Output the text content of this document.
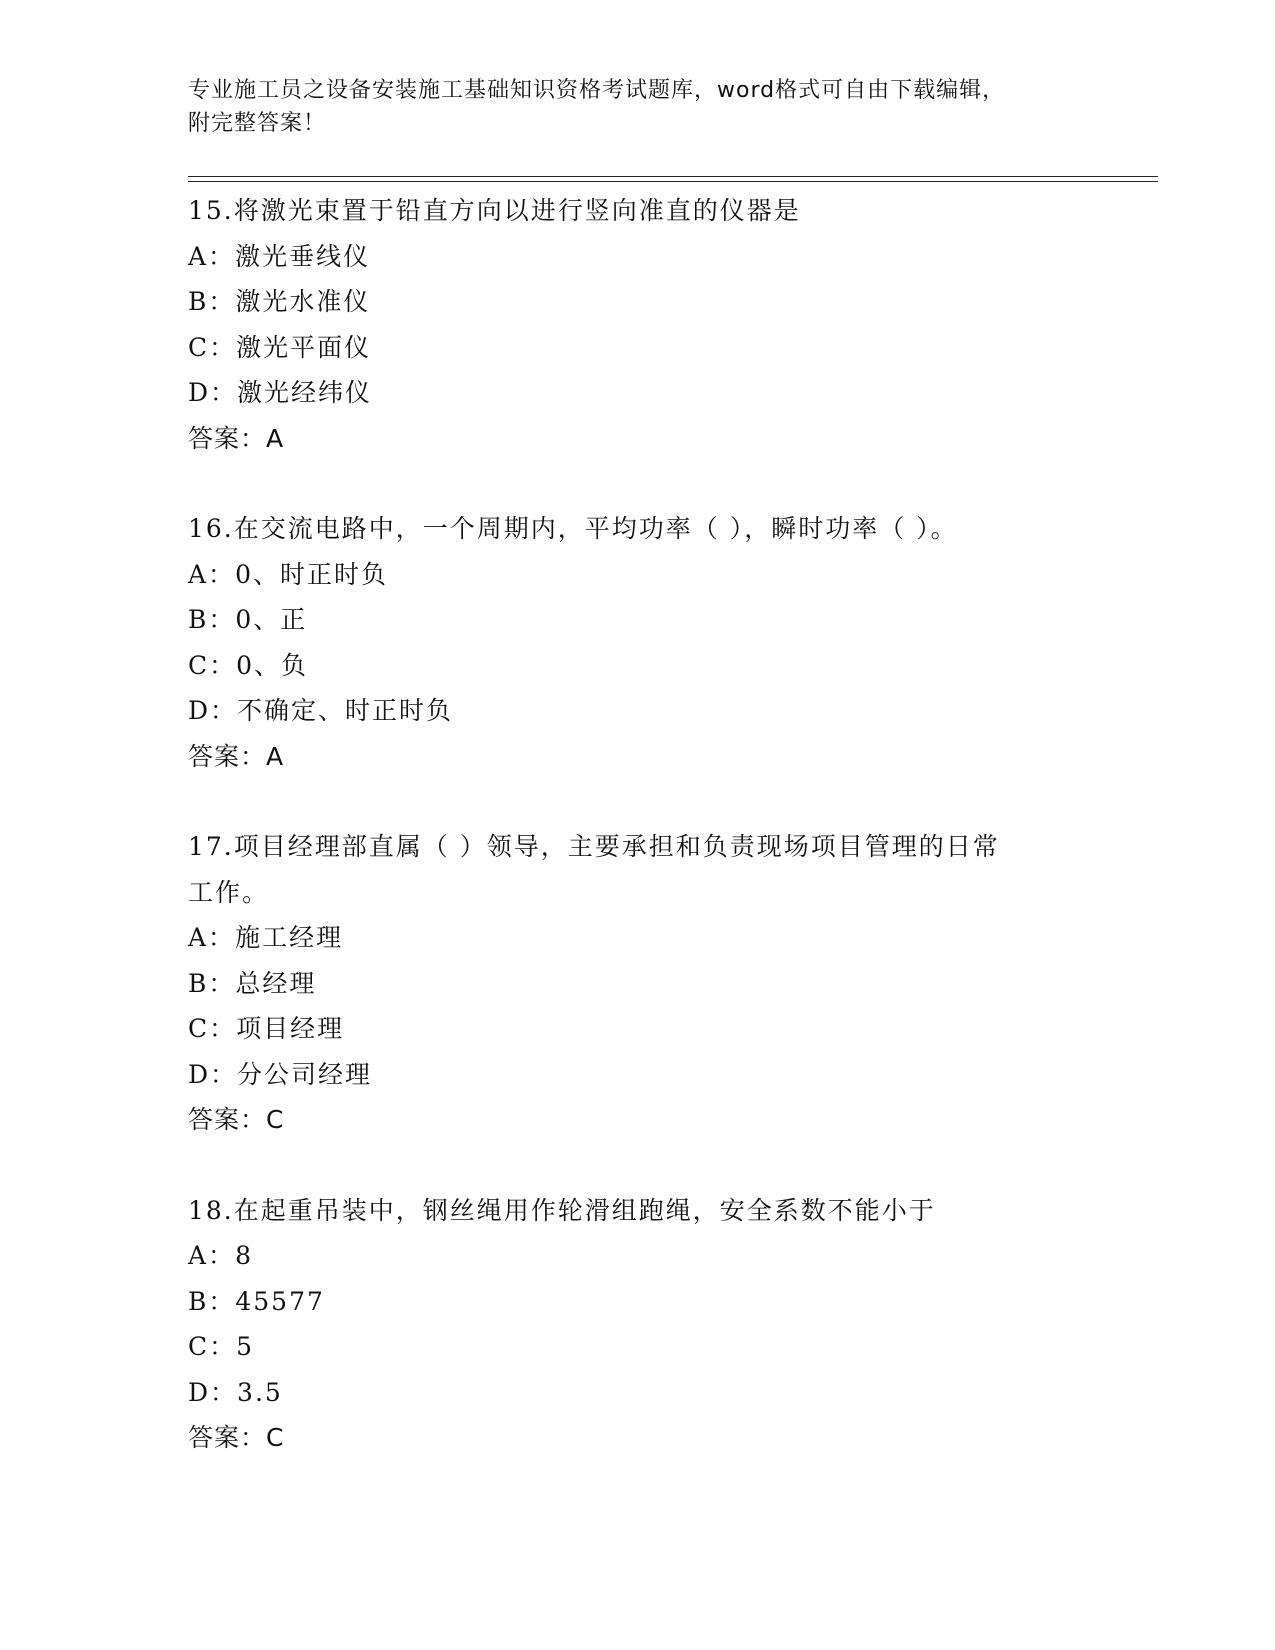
专业施工员之设备安装施工基础知识资格考试题库，word格式可自由下载编辑，
附完整答案！
15.将激光束置于铅直方向以进行竖向准直的仪器是
A：激光垂线仪
B：激光水准仪
C：激光平面仪
D：激光经纬仪
答案：A
16.在交流电路中，一个周期内，平均功率（ ），瞬时功率（ ）。
A：0、时正时负
B：0、正
C：0、负
D：不确定、时正时负
答案：A
17.项目经理部直属（ ）领导，主要承担和负责现场项目管理的日常
工作。
A：施工经理
B：总经理
C：项目经理
D：分公司经理
答案：C
18.在起重吊装中，钢丝绳用作轮滑组跑绳，安全系数不能小于
A：8
B：45577
C：5
D：3.5
答案：C
